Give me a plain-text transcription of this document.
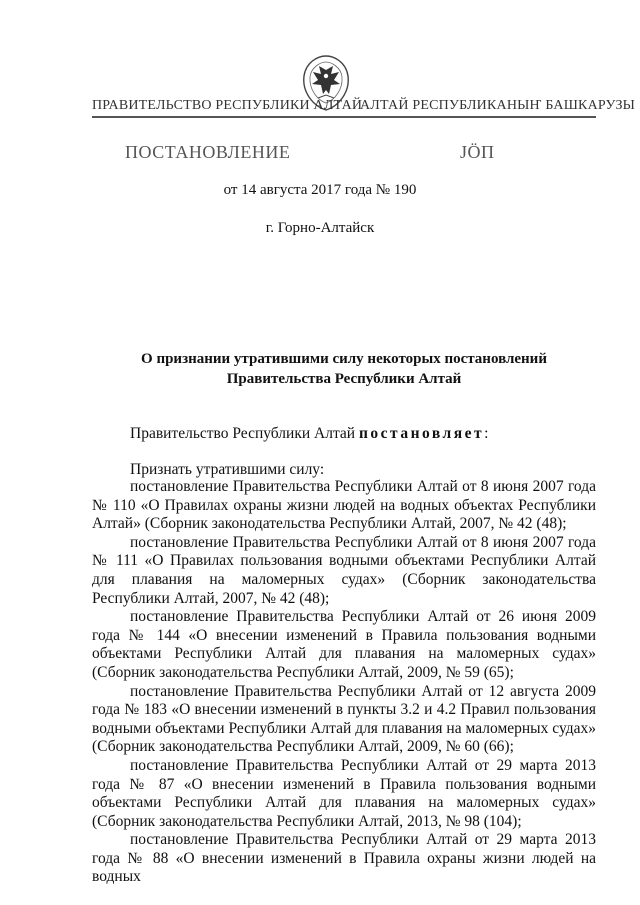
ПРАВИТЕЛЬСТВО РЕСПУБЛИКИ АЛТАЙ
АЛТАЙ РЕСПУБЛИКАНЫҤ БАШКАРУЗЫ
ПОСТАНОВЛЕНИЕ	ЈӦП
от 14 августа 2017 года № 190
г. Горно-Алтайск
О признании утратившими силу некоторых постановлений
Правительства Республики Алтай
Правительство Республики Алтай постановляет:
Признать утратившими силу:

постановление Правительства Республики Алтай от 8 июня 2007 года № 110 «О Правилах охраны жизни людей на водных объектах Республики Алтай» (Сборник законодательства Республики Алтай, 2007, № 42 (48);

постановление Правительства Республики Алтай от 8 июня 2007 года № 111 «О Правилах пользования водными объектами Республики Алтай для плавания на маломерных судах» (Сборник законодательства Республики Алтай, 2007, № 42 (48);

постановление Правительства Республики Алтай от 26 июня 2009 года № 144 «О внесении изменений в Правила пользования водными объектами Республики Алтай для плавания на маломерных судах» (Сборник законодательства Республики Алтай, 2009, № 59 (65);

постановление Правительства Республики Алтай от 12 августа 2009 года № 183 «О внесении изменений в пункты 3.2 и 4.2 Правил пользования водными объектами Республики Алтай для плавания на маломерных судах» (Сборник законодательства Республики Алтай, 2009, № 60 (66);

постановление Правительства Республики Алтай от 29 марта 2013 года № 87 «О внесении изменений в Правила пользования водными объектами Республики Алтай для плавания на маломерных судах» (Сборник законодательства Республики Алтай, 2013, № 98 (104);

постановление Правительства Республики Алтай от 29 марта 2013 года № 88 «О внесении изменений в Правила охраны жизни людей на водных
